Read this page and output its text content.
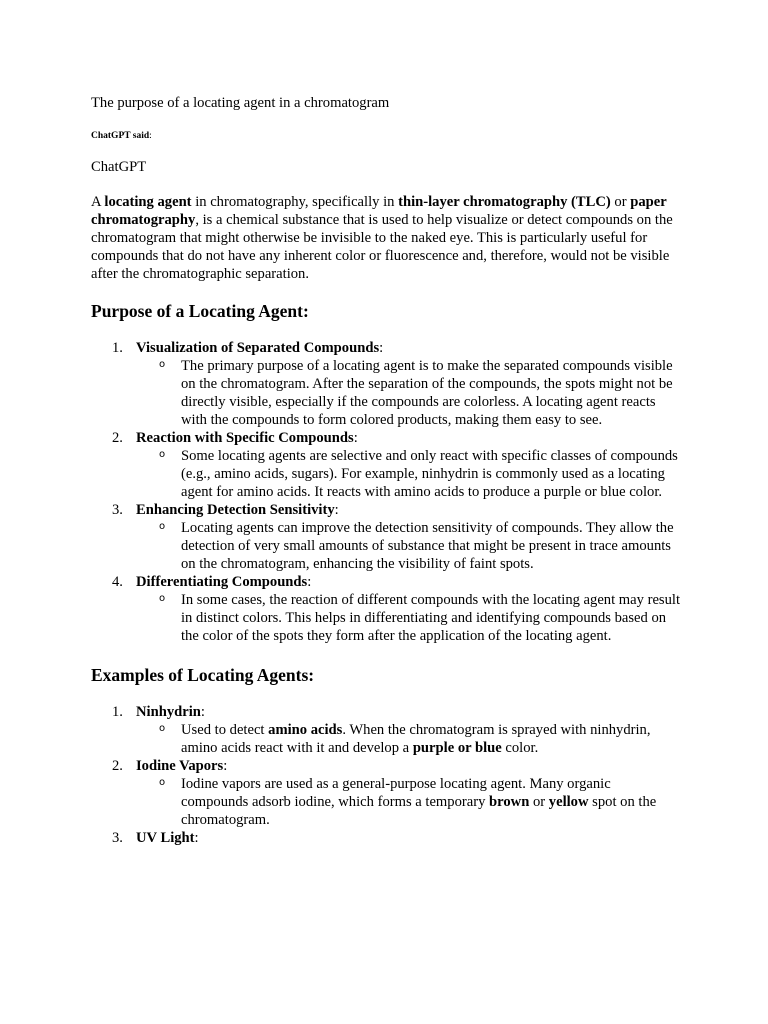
The purpose of a locating agent in a chromatogram

ChatGPT said:

ChatGPT

A locating agent in chromatography, specifically in thin-layer chromatography (TLC) or paper chromatography, is a chemical substance that is used to help visualize or detect compounds on the chromatogram that might otherwise be invisible to the naked eye. This is particularly useful for compounds that do not have any inherent color or fluorescence and, therefore, would not be visible after the chromatographic separation.

Purpose of a Locating Agent:
1. Visualization of Separated Compounds:
o The primary purpose of a locating agent is to make the separated compounds visible on the chromatogram. After the separation of the compounds, the spots might not be directly visible, especially if the compounds are colorless. A locating agent reacts with the compounds to form colored products, making them easy to see.
2. Reaction with Specific Compounds:
o Some locating agents are selective and only react with specific classes of compounds (e.g., amino acids, sugars). For example, ninhydrin is commonly used as a locating agent for amino acids. It reacts with amino acids to produce a purple or blue color.
3. Enhancing Detection Sensitivity:
o Locating agents can improve the detection sensitivity of compounds. They allow the detection of very small amounts of substance that might be present in trace amounts on the chromatogram, enhancing the visibility of faint spots.
4. Differentiating Compounds:
o In some cases, the reaction of different compounds with the locating agent may result in distinct colors. This helps in differentiating and identifying compounds based on the color of the spots they form after the application of the locating agent.
Examples of Locating Agents:
1. Ninhydrin:
o Used to detect amino acids. When the chromatogram is sprayed with ninhydrin, amino acids react with it and develop a purple or blue color.
2. Iodine Vapors:
o Iodine vapors are used as a general-purpose locating agent. Many organic compounds adsorb iodine, which forms a temporary brown or yellow spot on the chromatogram.
3. UV Light:
